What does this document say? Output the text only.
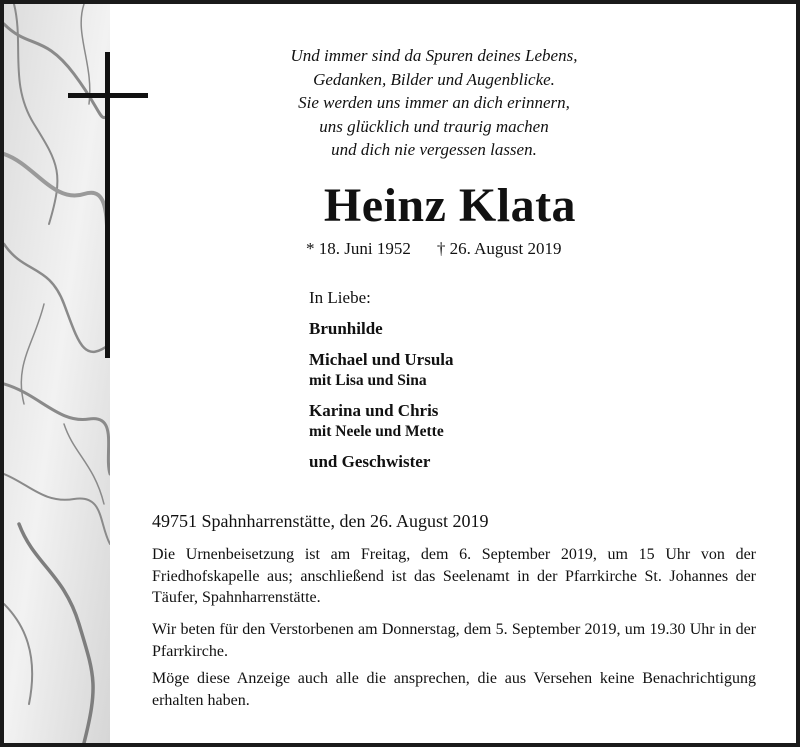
Und immer sind da Spuren deines Lebens,
Gedanken, Bilder und Augenblicke.
Sie werden uns immer an dich erinnern,
uns glücklich und traurig machen
und dich nie vergessen lassen.
Heinz Klata
* 18. Juni 1952 † 26. August 2019
In Liebe:
Brunhilde
Michael und Ursula
mit Lisa und Sina
Karina und Chris
mit Neele und Mette
und Geschwister
49751 Spahnharrenstätte, den 26. August 2019
Die Urnenbeisetzung ist am Freitag, dem 6. September 2019, um 15 Uhr von der Friedhofskapelle aus; anschließend ist das Seelenamt in der Pfarrkirche St. Johannes der Täufer, Spahnharrenstätte.
Wir beten für den Verstorbenen am Donnerstag, dem 5. September 2019, um 19.30 Uhr in der Pfarrkirche.
Möge diese Anzeige auch alle die ansprechen, die aus Versehen keine Benachrichtigung erhalten haben.
